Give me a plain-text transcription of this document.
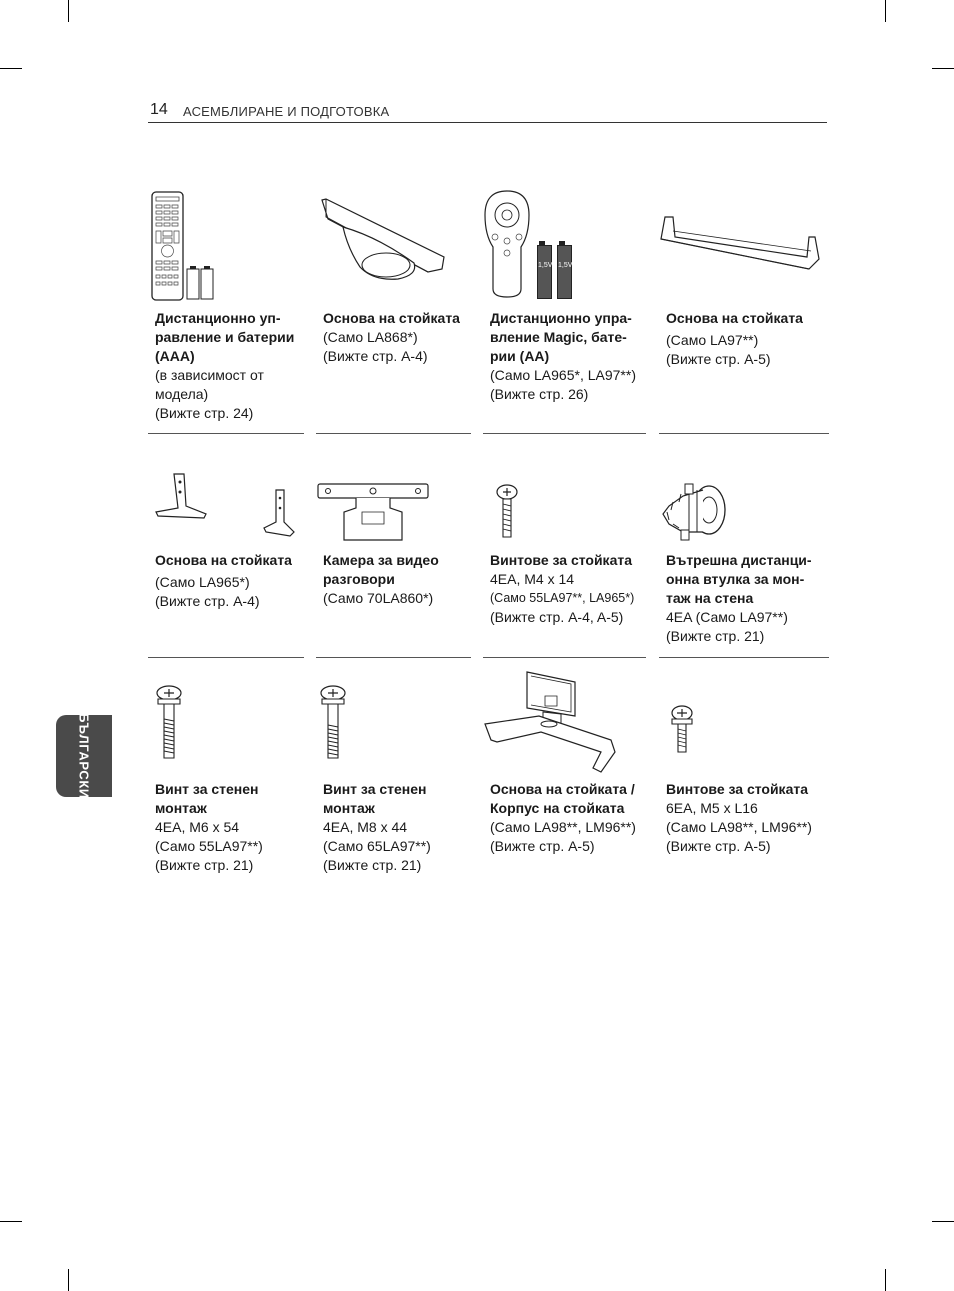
14 АСЕМБЛИРАНЕ И ПОДГОТОВКА
БЪЛГАРСКИ
Дистанционно уп-
равление и батерии
(AAA)
(в зависимост от
модела)
(Вижте стр. 24)
Основа на стойката
(Само LA868*)
(Вижте стр. A-4)
1,5V 1,5V
Дистанционно упра-
вление Magic, бате-
рии (AA)
(Само LA965*, LA97**)
(Вижте стр. 26)
Основа на стойката
(Само LA97**)
(Вижте стр. A-5)
Основа на стойката
(Само LA965*)
(Вижте стр. A-4)
Камера за видео
разговори
(Само 70LA860*)
Винтове за стойката
4EA, M4 x 14
(Само 55LA97**, LA965*)
(Вижте стр. A-4, A-5)
Вътрешна дистанци-
онна втулка за мон-
таж на стена
4EA (Само LA97**)
(Вижте стр. 21)
Винт за стенен
монтаж
4EA, M6 x 54
(Само 55LA97**)
(Вижте стр. 21)
Винт за стенен
монтаж
4EA, M8 x 44
(Само 65LA97**)
(Вижте стр. 21)
Основа на стойката /
Корпус на стойката
(Само LA98**, LM96**)
(Вижте стр. A-5)
Винтове за стойката
6EA, M5 x L16
(Само LA98**, LM96**)
(Вижте стр. A-5)
